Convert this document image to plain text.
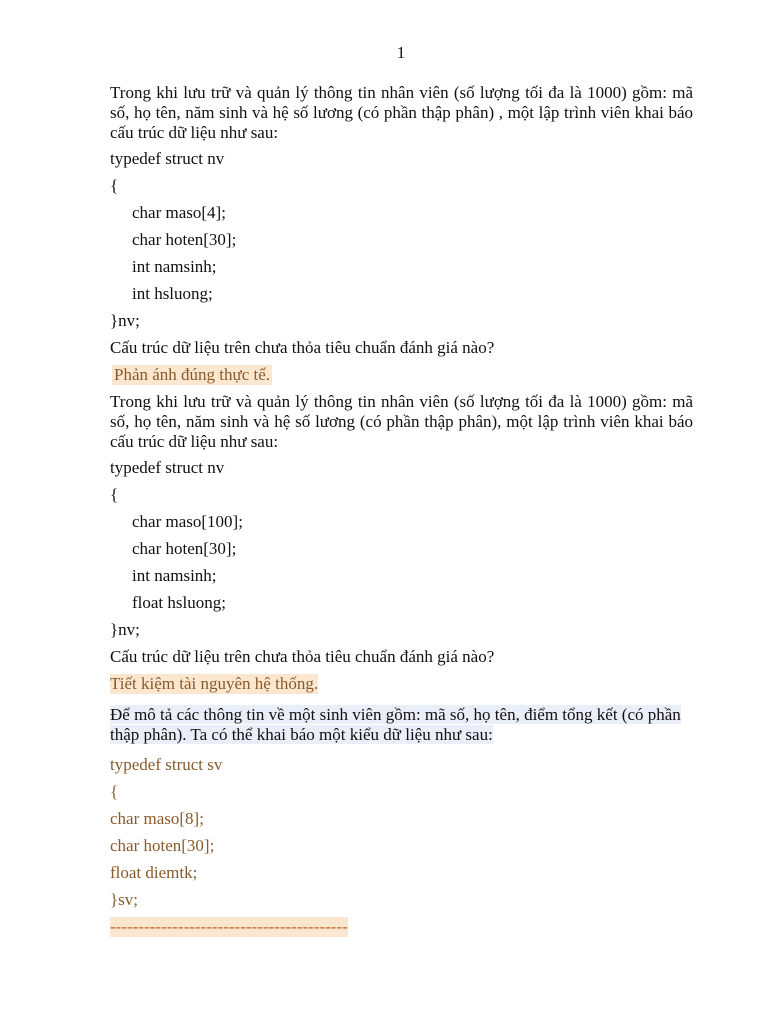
1

Trong khi lưu trữ và quản lý thông tin nhân viên (số lượng tối đa là 1000) gồm: mã số, họ tên, năm sinh và hệ số lương (có phần thập phân) , một lập trình viên khai báo cấu trúc dữ liệu như sau:

typedef struct nv
{
char maso[4];
char hoten[30];
int namsinh;
int hsluong;
}nv;
Cấu trúc dữ liệu trên chưa thỏa tiêu chuẩn đánh giá nào?
Phản ánh đúng thực tế.

Trong khi lưu trữ và quản lý thông tin nhân viên (số lượng tối đa là 1000) gồm: mã số, họ tên, năm sinh và hệ số lương (có phần thập phân), một lập trình viên khai báo cấu trúc dữ liệu như sau:

typedef struct nv
{
char maso[100];
char hoten[30];
int namsinh;
float hsluong;
}nv;
Cấu trúc dữ liệu trên chưa thỏa tiêu chuẩn đánh giá nào?
Tiết kiệm tài nguyên hệ thống.

Để mô tả các thông tin về một sinh viên gồm: mã số, họ tên, điểm tổng kết (có phần thập phân). Ta có thể khai báo một kiểu dữ liệu như sau:

typedef struct sv
{
char maso[8];
char hoten[30];
float diemtk;
}sv;
------------------------------------------
